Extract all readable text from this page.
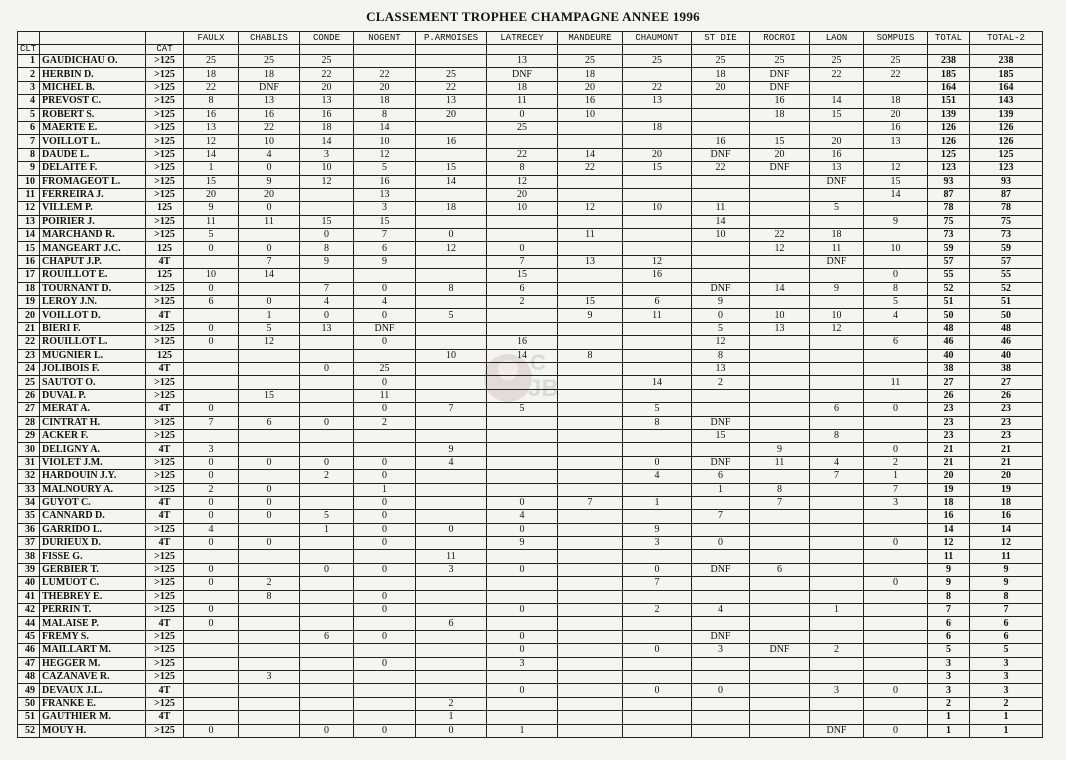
CLASSEMENT TROPHEE CHAMPAGNE ANNEE 1996
C
JB
			FAULX	CHABLIS	CONDE	NOGENT	P.ARMOISES	LATRECEY	MANDEURE	CHAUMONT	ST DIE	ROCROI	LAON	SOMPUIS	TOTAL	TOTAL-2
CLT		CAT														
1	GAUDICHAU O.	>125	25	25	25			13	25	25	25	25	25	25	238	238
2	HERBIN D.	>125	18	18	22	22	25	DNF	18		18	DNF	22	22	185	185
3	MICHEL B.	>125	22	DNF	20	20	22	18	20	22	20	DNF			164	164
4	PREVOST C.	>125	8	13	13	18	13	11	16	13		16	14	18	151	143
5	ROBERT S.	>125	16	16	16	8	20	0	10			18	15	20	139	139
6	MAERTE E.	>125	13	22	18	14		25		18				16	126	126
7	VOILLOT L.	>125	12	10	14	10	16				16	15	20	13	126	126
8	DAUDE L.	>125	14	4	3	12		22	14	20	DNF	20	16		125	125
9	DELAITE F.	>125	1	0	10	5	15	8	22	15	22	DNF	13	12	123	123
10	FROMAGEOT L.	>125	15	9	12	16	14	12					DNF	15	93	93
11	FERREIRA J.	>125	20	20		13		20						14	87	87
12	VILLEM P.	125	9	0		3	18	10	12	10	11		5		78	78
13	POIRIER J.	>125	11	11	15	15					14			9	75	75
14	MARCHAND R.	>125	5		0	7	0		11		10	22	18		73	73
15	MANGEART J.C.	125	0	0	8	6	12	0				12	11	10	59	59
16	CHAPUT J.P.	4T		7	9	9		7	13	12			DNF		57	57
17	ROUILLOT E.	125	10	14				15		16				0	55	55
18	TOURNANT D.	>125	0		7	0	8	6			DNF	14	9	8	52	52
19	LEROY J.N.	>125	6	0	4	4		2	15	6	9			5	51	51
20	VOILLOT D.	4T		1	0	0	5		9	11	0	10	10	4	50	50
21	BIERI F.	>125	0	5	13	DNF					5	13	12		48	48
22	ROUILLOT L.	>125	0	12		0		16			12			6	46	46
23	MUGNIER L.	125					10	14	8		8				40	40
24	JOLIBOIS F.	4T			0	25					13				38	38
25	SAUTOT O.	>125				0				14	2			11	27	27
26	DUVAL P.	>125		15		11									26	26
27	MERAT A.	4T	0			0	7	5		5			6	0	23	23
28	CINTRAT H.	>125	7	6	0	2				8	DNF				23	23
29	ACKER F.	>125									15		8		23	23
30	DELIGNY A.	4T	3				9					9		0	21	21
31	VIOLET J.M.	>125	0	0	0	0	4			0	DNF	11	4	2	21	21
32	HARDOUIN J.Y.	>125	0		2	0				4	6		7	1	20	20
33	MALNOURY A.	>125	2	0		1					1	8		7	19	19
34	GUYOT C.	4T	0	0		0		0	7	1		7		3	18	18
35	CANNARD D.	4T	0	0	5	0		4			7				16	16
36	GARRIDO L.	>125	4		1	0	0	0		9					14	14
37	DURIEUX D.	4T	0	0		0		9		3	0			0	12	12
38	FISSE G.	>125					11								11	11
39	GERBIER T.	>125	0		0	0	3	0		0	DNF	6			9	9
40	LUMUOT C.	>125	0	2						7				0	9	9
41	THEBREY E.	>125		8		0									8	8
42	PERRIN T.	>125	0			0		0		2	4		1		7	7
44	MALAISE P.	4T	0				6								6	6
45	FREMY S.	>125			6	0		0			DNF				6	6
46	MAILLART M.	>125						0		0	3	DNF	2		5	5
47	HEGGER M.	>125				0		3							3	3
48	CAZANAVE R.	>125		3											3	3
49	DEVAUX J.L.	4T						0		0	0		3	0	3	3
50	FRANKE E.	>125					2								2	2
51	GAUTHIER M.	4T					1								1	1
52	MOUY H.	>125	0		0	0	0	1					DNF	0	1	1
